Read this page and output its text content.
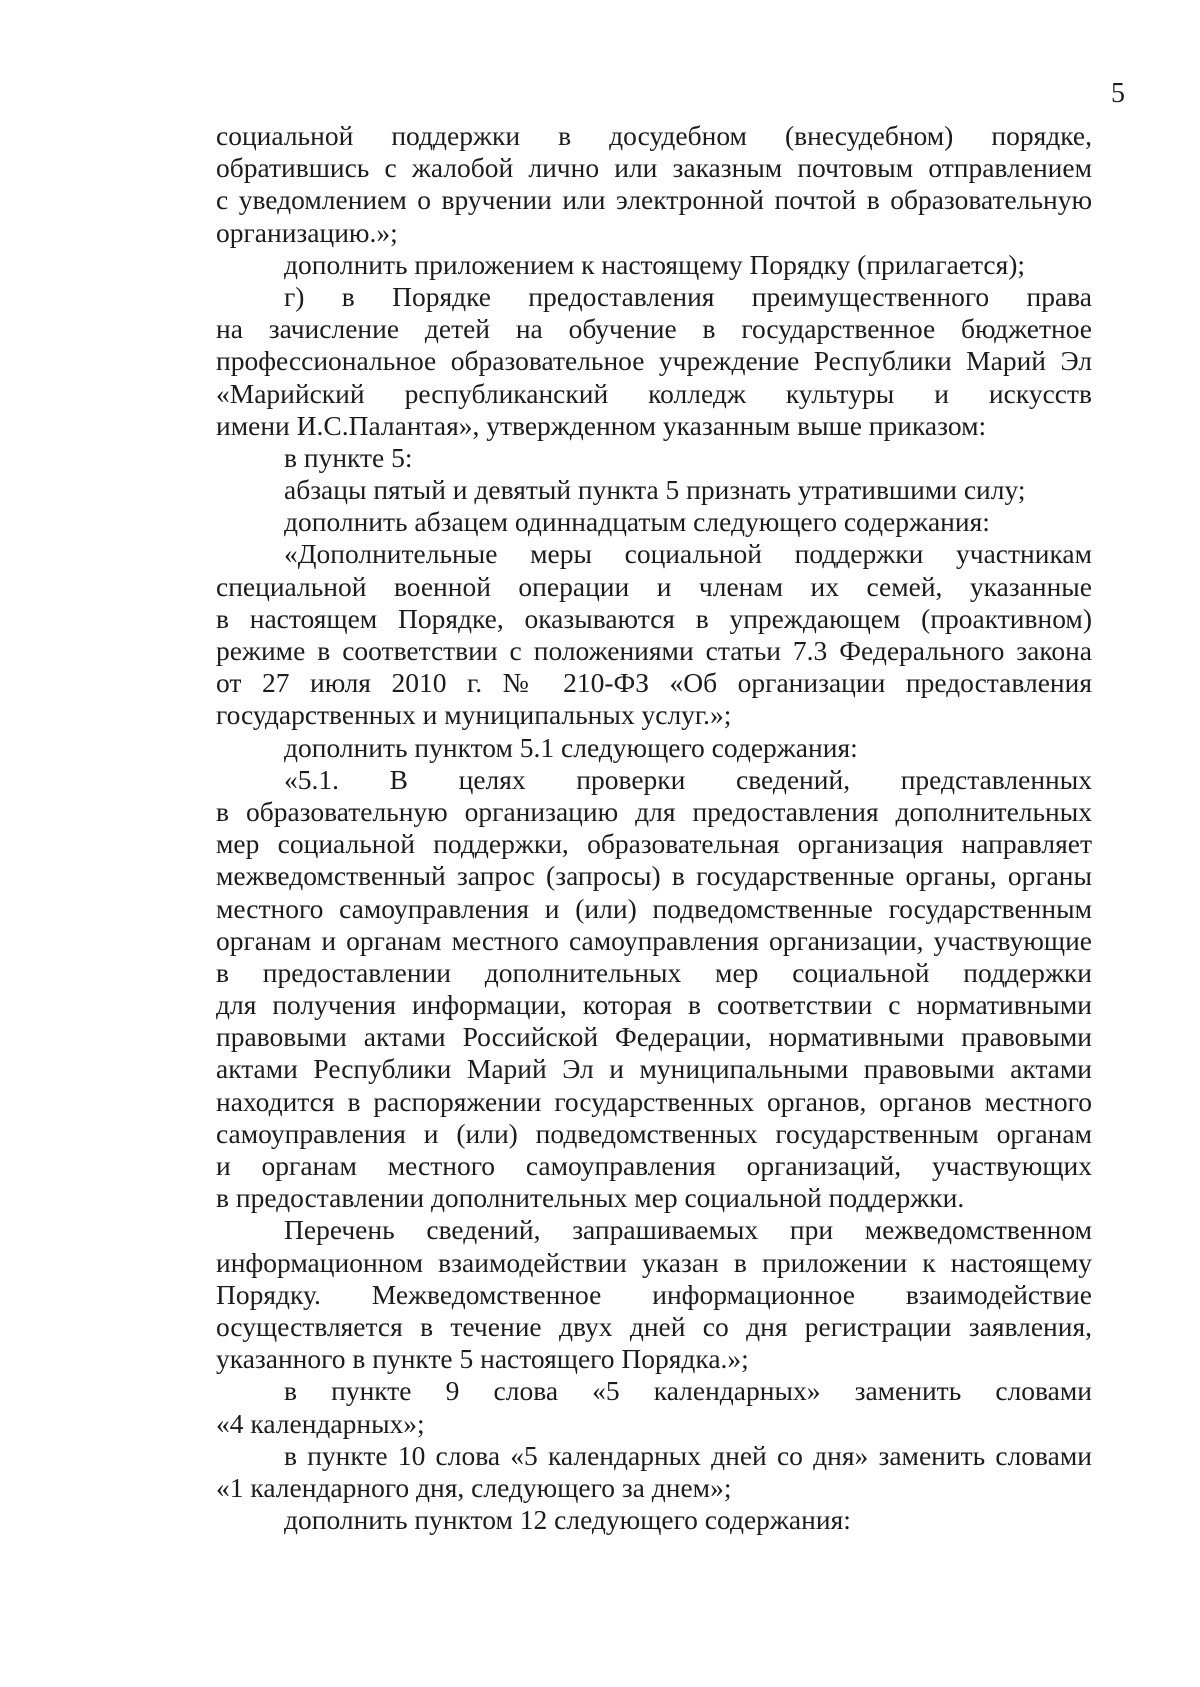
5
социальной поддержки в досудебном (внесудебном) порядке,
обратившись с жалобой лично или заказным почтовым отправлением
с уведомлением о вручении или электронной почтой в образовательную
организацию.»;
дополнить приложением к настоящему Порядку (прилагается);
г) в Порядке предоставления преимущественного права
на зачисление детей на обучение в государственное бюджетное
профессиональное образовательное учреждение Республики Марий Эл
«Марийский республиканский колледж культуры и искусств
имени И.С.Палантая», утвержденном указанным выше приказом:
в пункте 5:
абзацы пятый и девятый пункта 5 признать утратившими силу;
дополнить абзацем одиннадцатым следующего содержания:
«Дополнительные меры социальной поддержки участникам
специальной военной операции и членам их семей, указанные
в настоящем Порядке, оказываются в упреждающем (проактивном)
режиме в соответствии с положениями статьи 7.3 Федерального закона
от 27 июля 2010 г. № 210-ФЗ «Об организации предоставления
государственных и муниципальных услуг.»;
дополнить пунктом 5.1 следующего содержания:
«5.1. В целях проверки сведений, представленных
в образовательную организацию для предоставления дополнительных
мер социальной поддержки, образовательная организация направляет
межведомственный запрос (запросы) в государственные органы, органы
местного самоуправления и (или) подведомственные государственным
органам и органам местного самоуправления организации, участвующие
в предоставлении дополнительных мер социальной поддержки
для получения информации, которая в соответствии с нормативными
правовыми актами Российской Федерации, нормативными правовыми
актами Республики Марий Эл и муниципальными правовыми актами
находится в распоряжении государственных органов, органов местного
самоуправления и (или) подведомственных государственным органам
и органам местного самоуправления организаций, участвующих
в предоставлении дополнительных мер социальной поддержки.
Перечень сведений, запрашиваемых при межведомственном
информационном взаимодействии указан в приложении к настоящему
Порядку. Межведомственное информационное взаимодействие
осуществляется в течение двух дней со дня регистрации заявления,
указанного в пункте 5 настоящего Порядка.»;
в пункте 9 слова «5 календарных» заменить словами
«4 календарных»;
в пункте 10 слова «5 календарных дней со дня» заменить словами
«1 календарного дня, следующего за днем»;
дополнить пунктом 12 следующего содержания:
